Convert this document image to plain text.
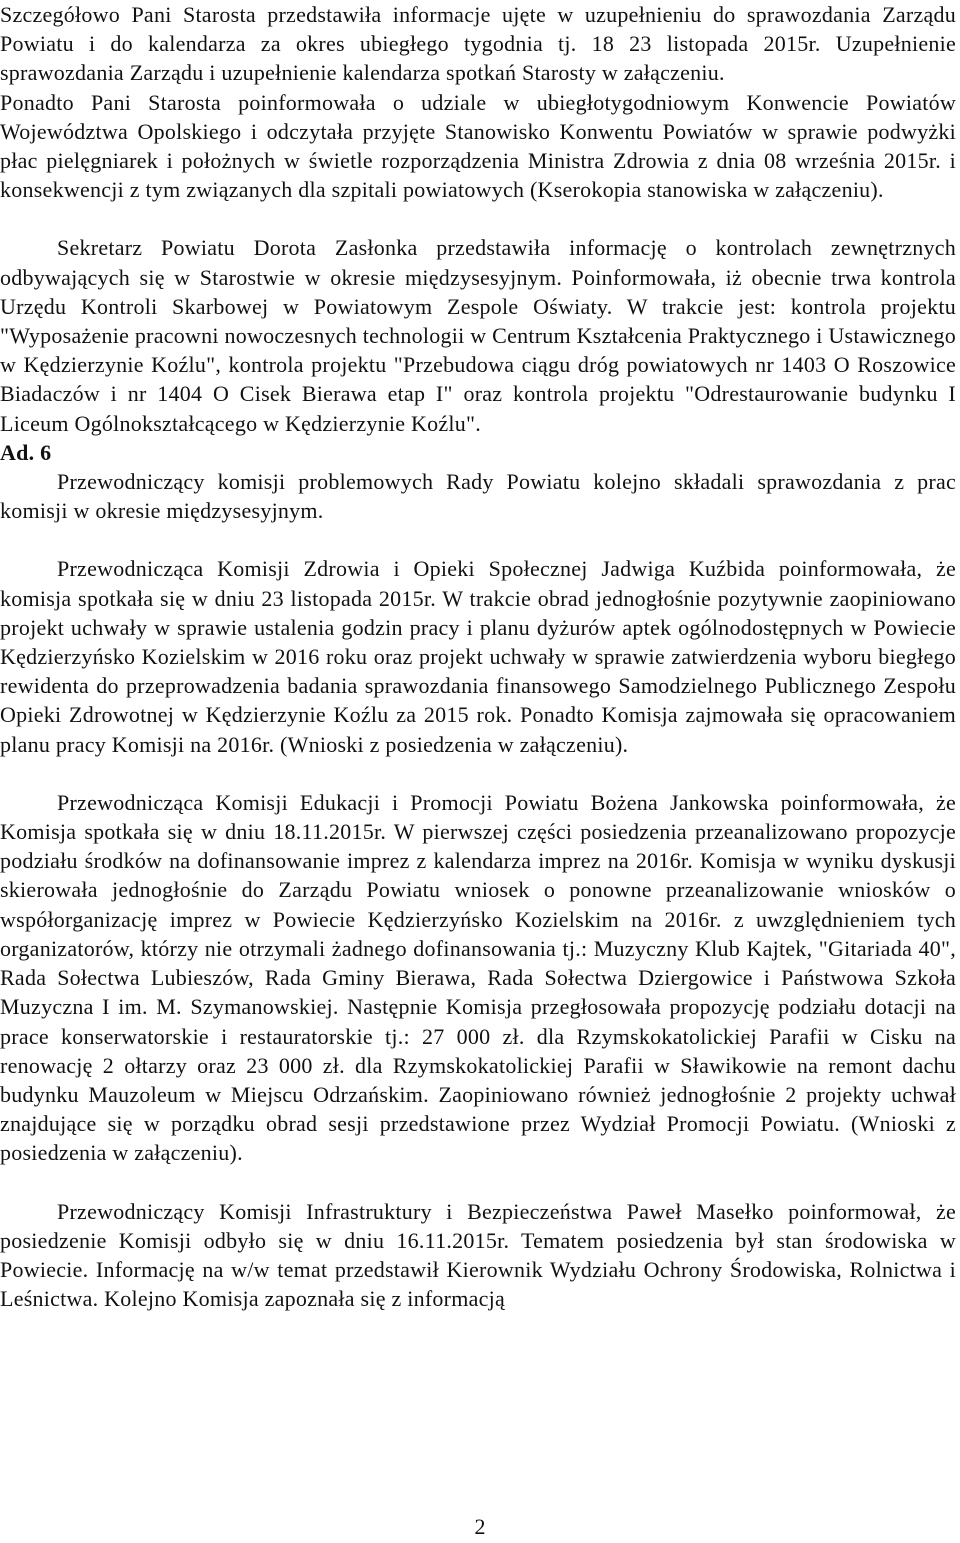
Szczegółowo Pani Starosta przedstawiła informacje ujęte w uzupełnieniu do sprawozdania Zarządu Powiatu i do kalendarza za okres ubiegłego tygodnia tj. 18 23 listopada 2015r. Uzupełnienie sprawozdania Zarządu i uzupełnienie kalendarza spotkań Starosty w załączeniu.

Ponadto Pani Starosta poinformowała o udziale w ubiegłotygodniowym Konwencie Powiatów Województwa Opolskiego i odczytała przyjęte Stanowisko Konwentu Powiatów w sprawie podwyżki płac pielęgniarek i położnych w świetle rozporządzenia Ministra Zdrowia z dnia 08 września 2015r. i konsekwencji z tym związanych dla szpitali powiatowych (Kserokopia stanowiska w załączeniu).

Sekretarz Powiatu Dorota Zasłonka przedstawiła informację o kontrolach zewnętrznych odbywających się w Starostwie w okresie międzysesyjnym. Poinformowała, iż obecnie trwa kontrola Urzędu Kontroli Skarbowej w Powiatowym Zespole Oświaty. W trakcie jest: kontrola projektu "Wyposażenie pracowni nowoczesnych technologii w Centrum Kształcenia Praktycznego i Ustawicznego w Kędzierzynie Koźlu", kontrola projektu "Przebudowa ciągu dróg powiatowych nr 1403 O Roszowice Biadaczów i nr 1404 O Cisek Bierawa etap I" oraz kontrola projektu "Odrestaurowanie budynku I Liceum Ogólnokształcącego w Kędzierzynie Koźlu".

Ad. 6

Przewodniczący komisji problemowych Rady Powiatu kolejno składali sprawozdania z prac komisji w okresie międzysesyjnym.

Przewodnicząca Komisji Zdrowia i Opieki Społecznej Jadwiga Kuźbida poinformowała, że komisja spotkała się w dniu 23 listopada 2015r. W trakcie obrad jednogłośnie pozytywnie zaopiniowano projekt uchwały w sprawie ustalenia godzin pracy i planu dyżurów aptek ogólnodostępnych w Powiecie Kędzierzyńsko Kozielskim w 2016 roku oraz projekt uchwały w sprawie zatwierdzenia wyboru biegłego rewidenta do przeprowadzenia badania sprawozdania finansowego Samodzielnego Publicznego Zespołu Opieki Zdrowotnej w Kędzierzynie Koźlu za 2015 rok. Ponadto Komisja zajmowała się opracowaniem planu pracy Komisji na 2016r. (Wnioski z posiedzenia w załączeniu).

Przewodnicząca Komisji Edukacji i Promocji Powiatu Bożena Jankowska poinformowała, że Komisja spotkała się w dniu 18.11.2015r. W pierwszej części posiedzenia przeanalizowano propozycje podziału środków na dofinansowanie imprez z kalendarza imprez na 2016r. Komisja w wyniku dyskusji skierowała jednogłośnie do Zarządu Powiatu wniosek o ponowne przeanalizowanie wniosków o współorganizację imprez w Powiecie Kędzierzyńsko Kozielskim na 2016r. z uwzględnieniem tych organizatorów, którzy nie otrzymali żadnego dofinansowania tj.: Muzyczny Klub Kajtek, "Gitariada 40", Rada Sołectwa Lubieszów, Rada Gminy Bierawa, Rada Sołectwa Dziergowice i Państwowa Szkoła Muzyczna I im. M. Szymanowskiej. Następnie Komisja przegłosowała propozycję podziału dotacji na prace konserwatorskie i restauratorskie tj.: 27 000 zł. dla Rzymskokatolickiej Parafii w Cisku na renowację 2 ołtarzy oraz 23 000 zł. dla Rzymskokatolickiej Parafii w Sławikowie na remont dachu budynku Mauzoleum w Miejscu Odrzańskim. Zaopiniowano również jednogłośnie 2 projekty uchwał znajdujące się w porządku obrad sesji przedstawione przez Wydział Promocji Powiatu. (Wnioski z posiedzenia w załączeniu).

Przewodniczący Komisji Infrastruktury i Bezpieczeństwa Paweł Masełko poinformował, że posiedzenie Komisji odbyło się w dniu 16.11.2015r. Tematem posiedzenia był stan środowiska w Powiecie. Informację na w/w temat przedstawił Kierownik Wydziału Ochrony Środowiska, Rolnictwa i Leśnictwa. Kolejno Komisja zapoznała się z informacją

2
